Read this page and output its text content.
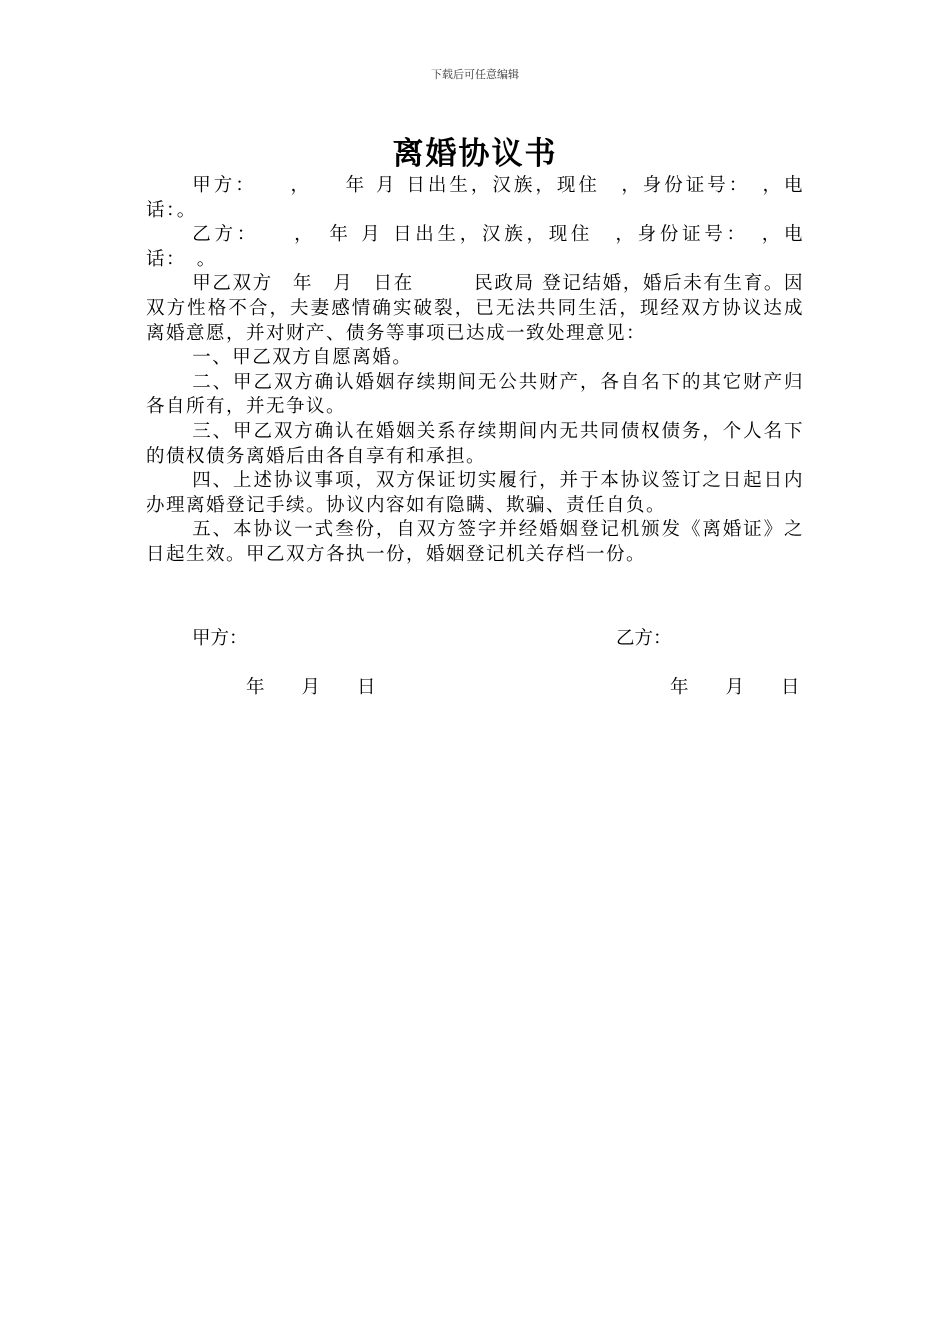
下载后可任意编辑
离婚协议书

甲方：　　，　　年 月 日出生，汉族，现住　，身份证号：　，电话：。

乙方：　　，　年 月 日出生，汉族，现住　，身份证号：　，电话：　。

甲乙双方　年　月　日在　　　民政局 登记结婚，婚后未有生育。因双方性格不合，夫妻感情确实破裂，已无法共同生活，现经双方协议达成离婚意愿，并对财产、债务等事项已达成一致处理意见：

一、甲乙双方自愿离婚。

二、甲乙双方确认婚姻存续期间无公共财产，各自名下的其它财产归各自所有，并无争议。

三、甲乙双方确认在婚姻关系存续期间内无共同债权债务，个人名下的债权债务离婚后由各自享有和承担。

四、上述协议事项，双方保证切实履行，并于本协议签订之日起日内办理离婚登记手续。协议内容如有隐瞒、欺骗、责任自负。

五、本协议一式叁份，自双方签字并经婚姻登记机颁发《离婚证》之日起生效。甲乙双方各执一份，婚姻登记机关存档一份。

甲方：	乙方：
年　　月　　日	年　　月　　日
